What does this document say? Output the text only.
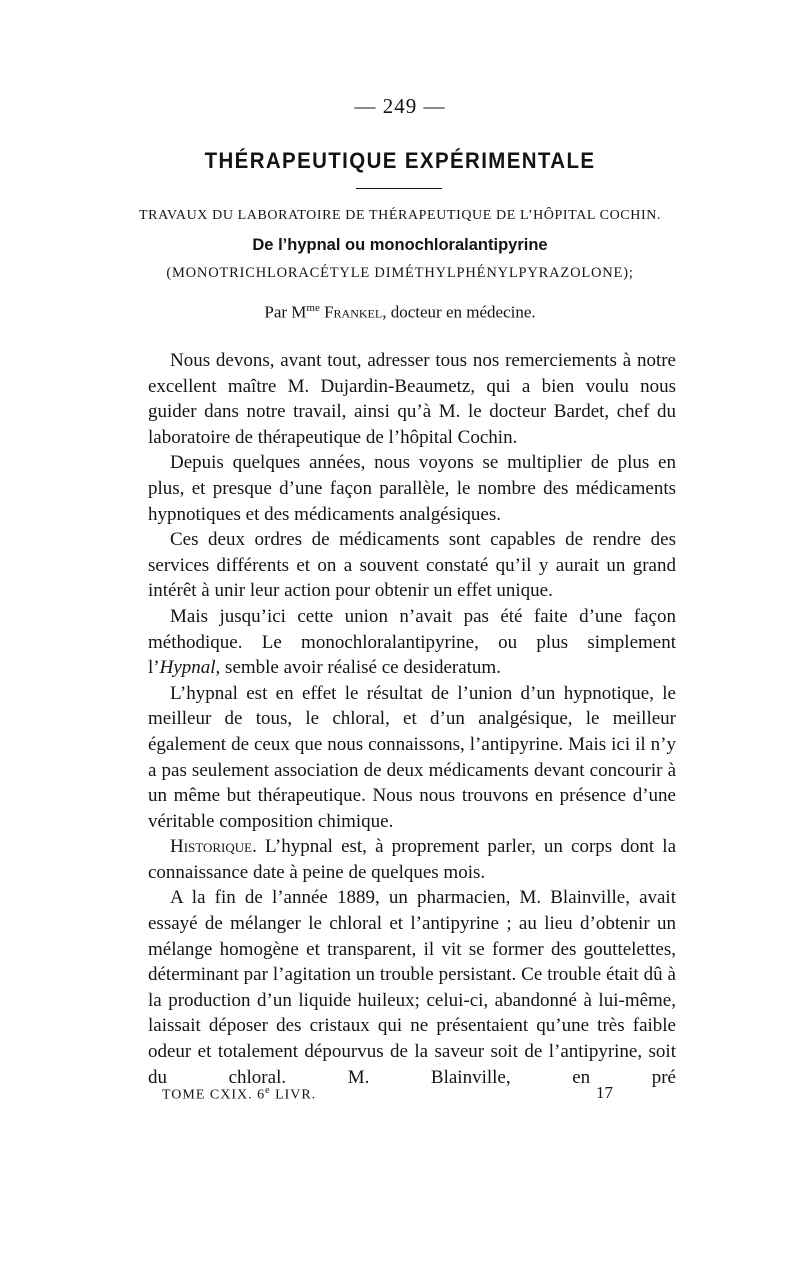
— 249 —
THÉRAPEUTIQUE EXPÉRIMENTALE
TRAVAUX DU LABORATOIRE DE THÉRAPEUTIQUE DE L’HÔPITAL COCHIN.
De l’hypnal ou monochloralantipyrine
(MONOTRICHLORACÉTYLE DIMÉTHYLPHÉNYLPYRAZOLONE);
Par $M^{me}$ Frankel, docteur en médecine.

Nous devons, avant tout, adresser tous nos remerciements à notre excellent maître M. Dujardin-Beaumetz, qui a bien voulu nous guider dans notre travail, ainsi qu’à M. le docteur Bardet, chef du laboratoire de thérapeutique de l’hôpital Cochin.

Depuis quelques années, nous voyons se multiplier de plus en plus, et presque d’une façon parallèle, le nombre des médicaments hypnotiques et des médicaments analgésiques.

Ces deux ordres de médicaments sont capables de rendre des services différents et on a souvent constaté qu’il y aurait un grand intérêt à unir leur action pour obtenir un effet unique.

Mais jusqu’ici cette union n’avait pas été faite d’une façon méthodique. Le monochloralantipyrine, ou plus simplement l’Hypnal, semble avoir réalisé ce desideratum.

L’hypnal est en effet le résultat de l’union d’un hypnotique, le meilleur de tous, le chloral, et d’un analgésique, le meilleur également de ceux que nous connaissons, l’antipyrine. Mais ici il n’y a pas seulement association de deux médicaments devant concourir à un même but thérapeutique. Nous nous trouvons en présence d’une véritable composition chimique.

Historique. L’hypnal est, à proprement parler, un corps dont la connaissance date à peine de quelques mois.

A la fin de l’année 1889, un pharmacien, M. Blainville, avait essayé de mélanger le chloral et l’antipyrine ; au lieu d’obtenir un mélange homogène et transparent, il vit se former des gouttelettes, déterminant par l’agitation un trouble persistant. Ce trouble était dû à la production d’un liquide huileux; celui-ci, abandonné à lui-même, laissait déposer des cristaux qui ne présentaient qu’une très faible odeur et totalement dépourvus de la saveur soit de l’antipyrine, soit du chloral. M. Blainville, en pré

TOME CXIX. 6e LIVR.	17
